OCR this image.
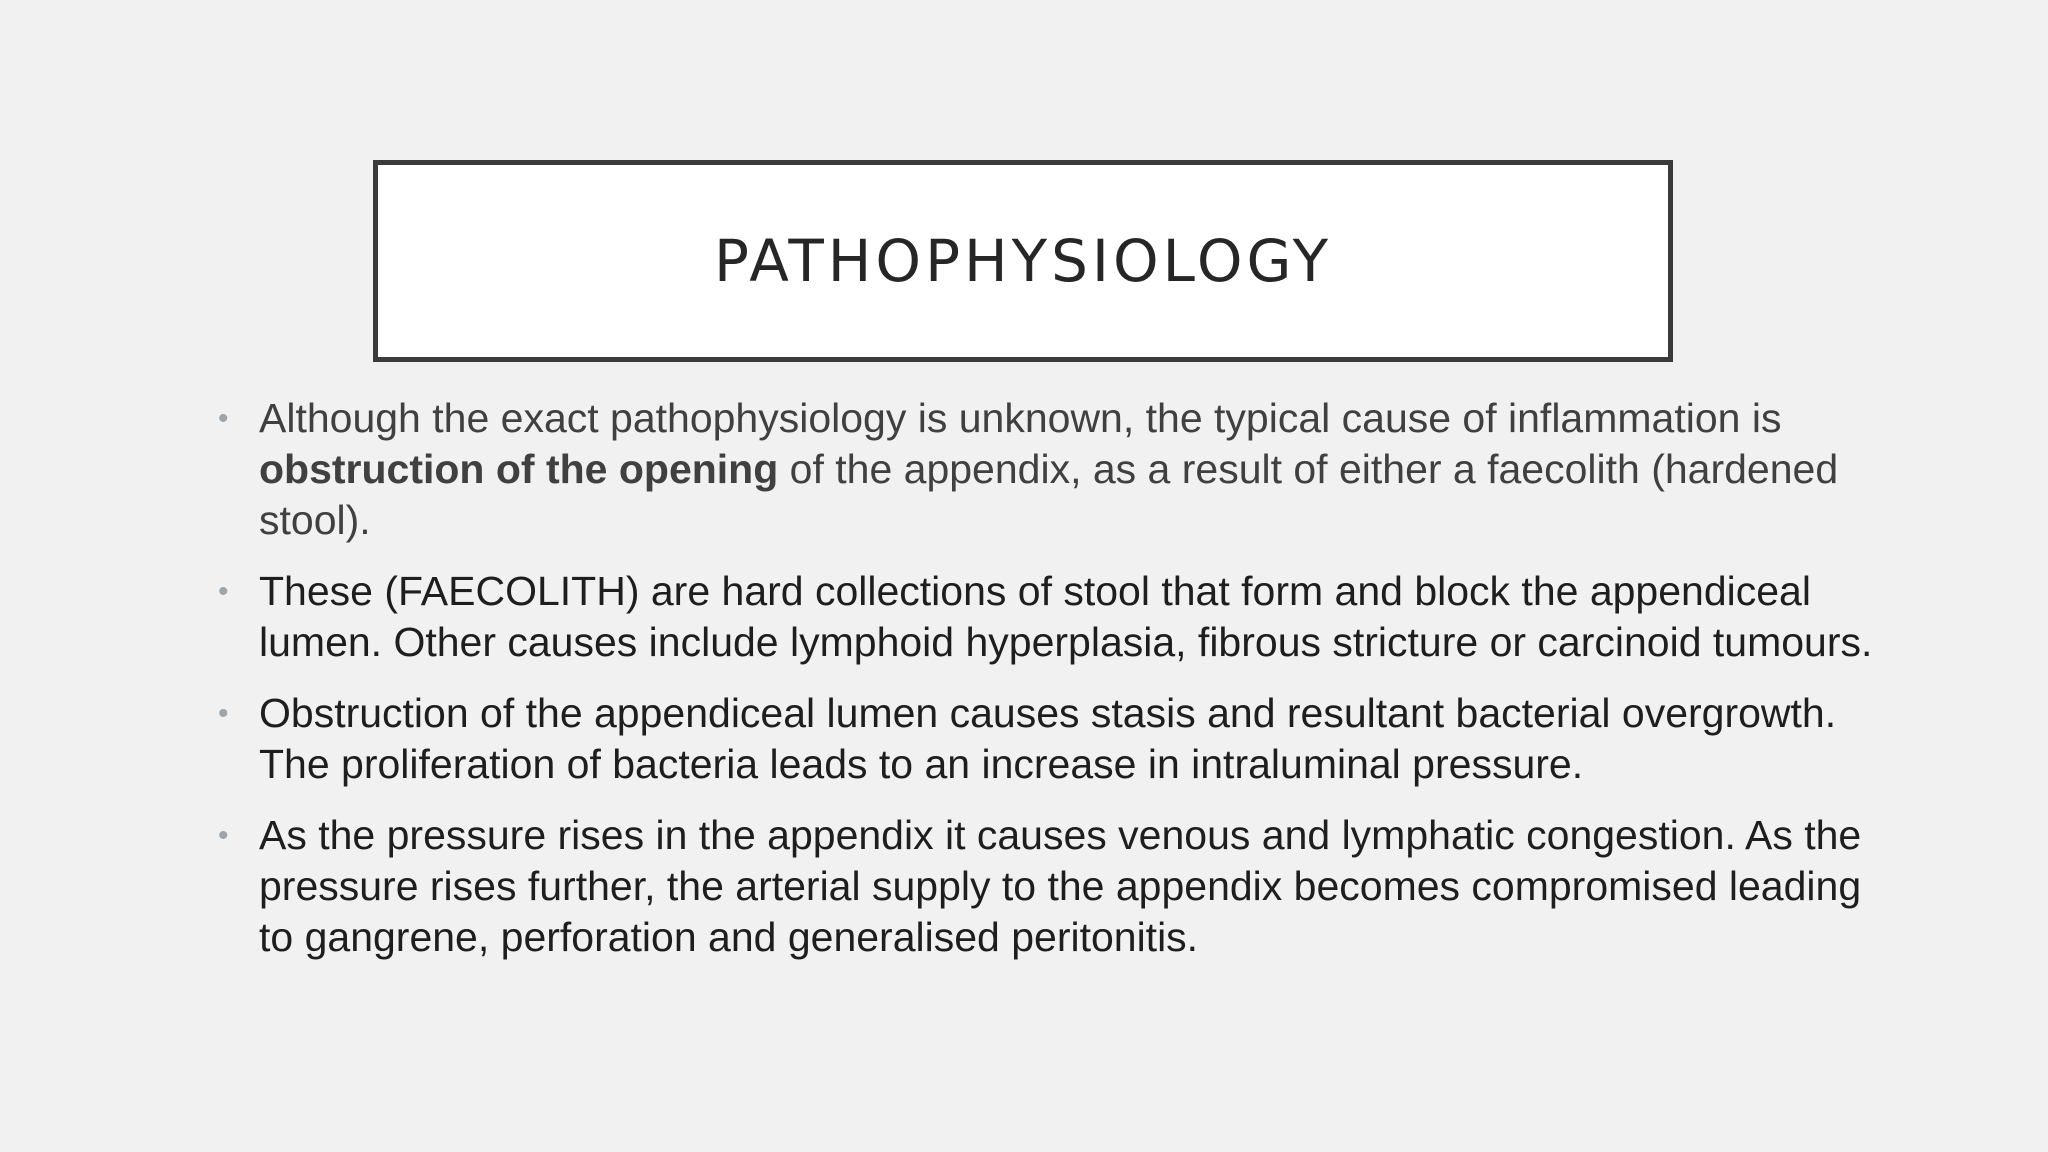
PATHOPHYSIOLOGY
• Although the exact pathophysiology is unknown, the typical cause of inflammation is obstruction of the opening of the appendix, as a result of either a faecolith (hardened stool).
• These (FAECOLITH) are hard collections of stool that form and block the appendiceal lumen. Other causes include lymphoid hyperplasia, fibrous stricture or carcinoid tumours.
• Obstruction of the appendiceal lumen causes stasis and resultant bacterial overgrowth. The proliferation of bacteria leads to an increase in intraluminal pressure.
• As the pressure rises in the appendix it causes venous and lymphatic congestion. As the pressure rises further, the arterial supply to the appendix becomes compromised leading to gangrene, perforation and generalised peritonitis.
